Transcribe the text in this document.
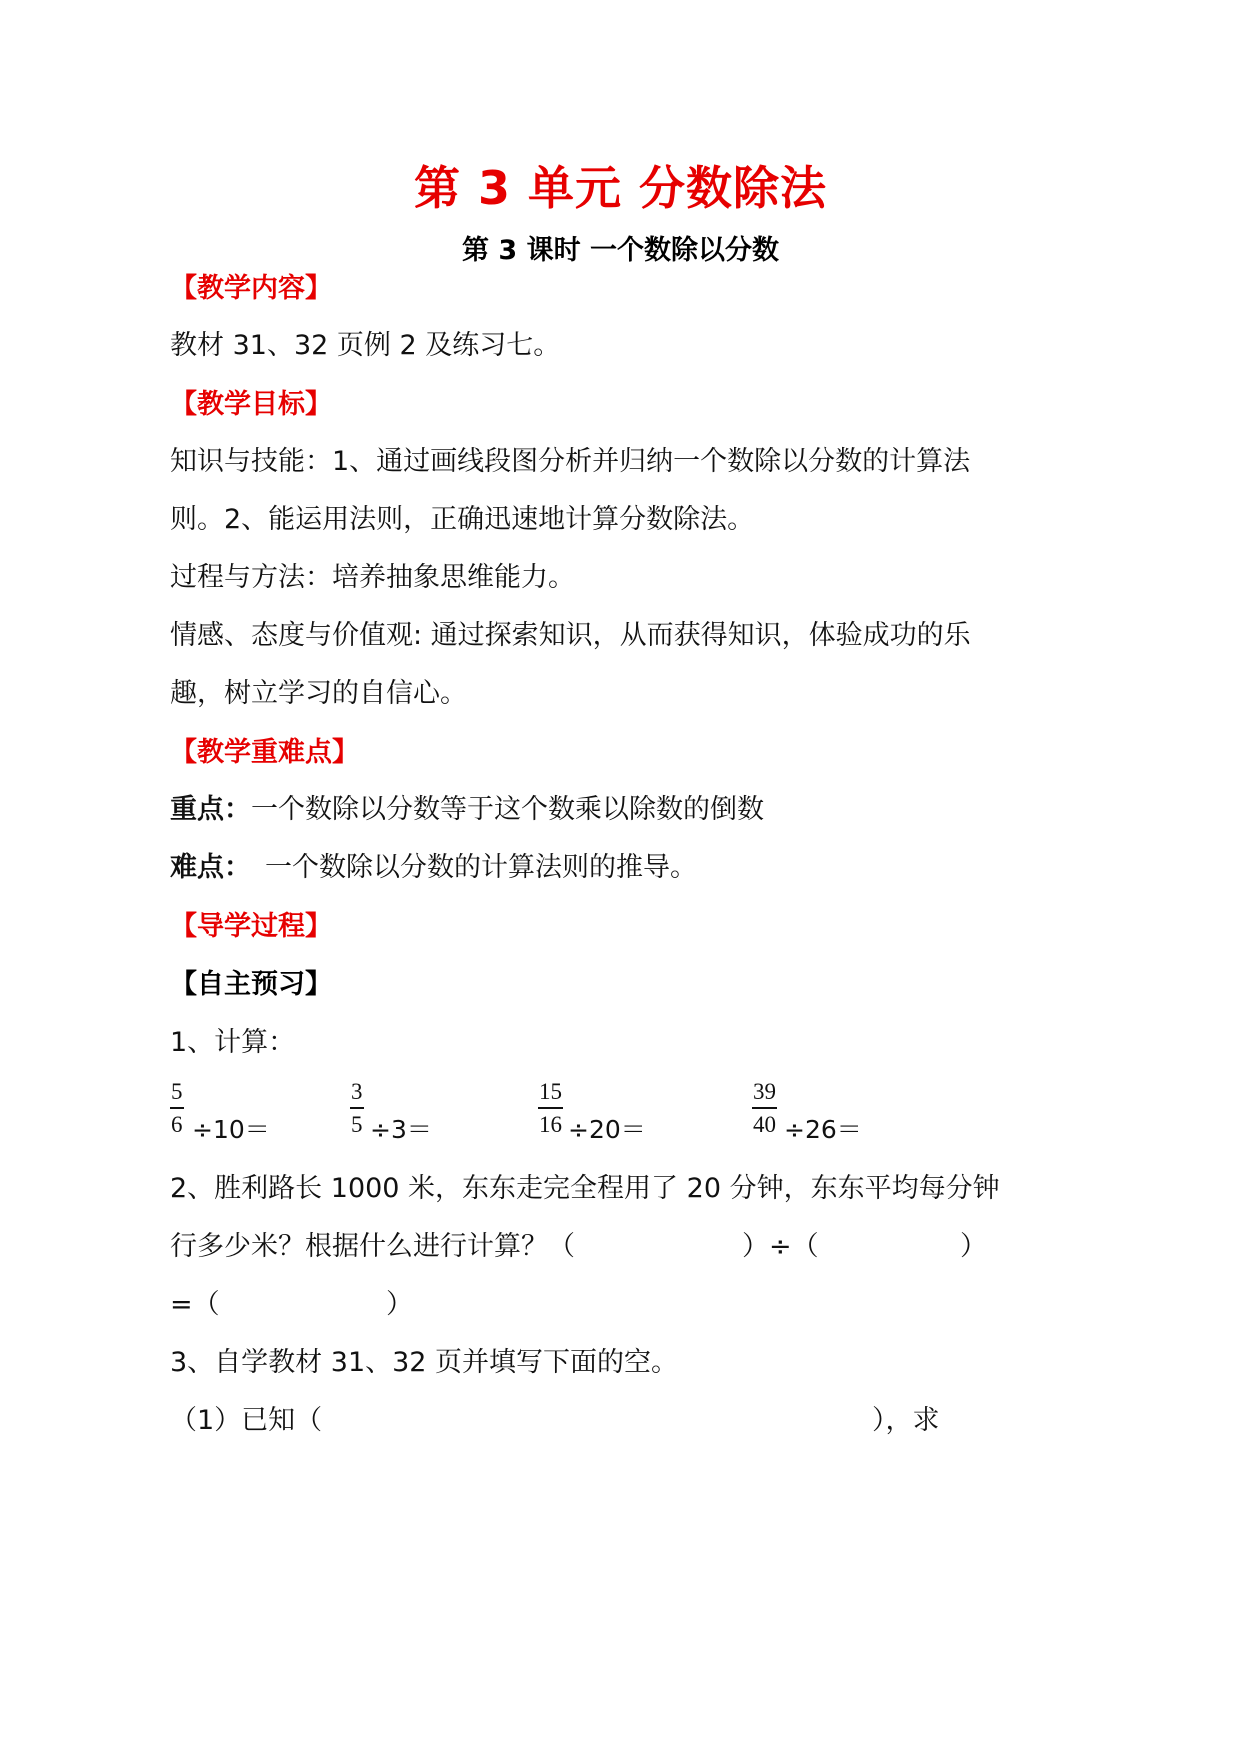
第 3 单元 分数除法
第 3 课时 一个数除以分数
【教学内容】
教材 31、32 页例 2 及练习七。
【教学目标】
知识与技能：1、通过画线段图分析并归纳一个数除以分数的计算法
则。2、能运用法则，正确迅速地计算分数除法。
过程与方法：培养抽象思维能力。
情感、态度与价值观: 通过探索知识，从而获得知识，体验成功的乐
趣，树立学习的自信心。
【教学重难点】
重点：一个数除以分数等于这个数乘以除数的倒数
难点： 一个数除以分数的计算法则的推导。
【导学过程】
【自主预习】
1、计算：
5
6 ÷10＝
3
5 ÷3＝
15
16 ÷20＝
39
40 ÷26＝
2、胜利路长 1000 米，东东走完全程用了 20 分钟，东东平均每分钟
行多少米？根据什么进行计算？（	）÷（	）
=（	）
3、自学教材 31、32 页并填写下面的空。
（1）已知（	），求
